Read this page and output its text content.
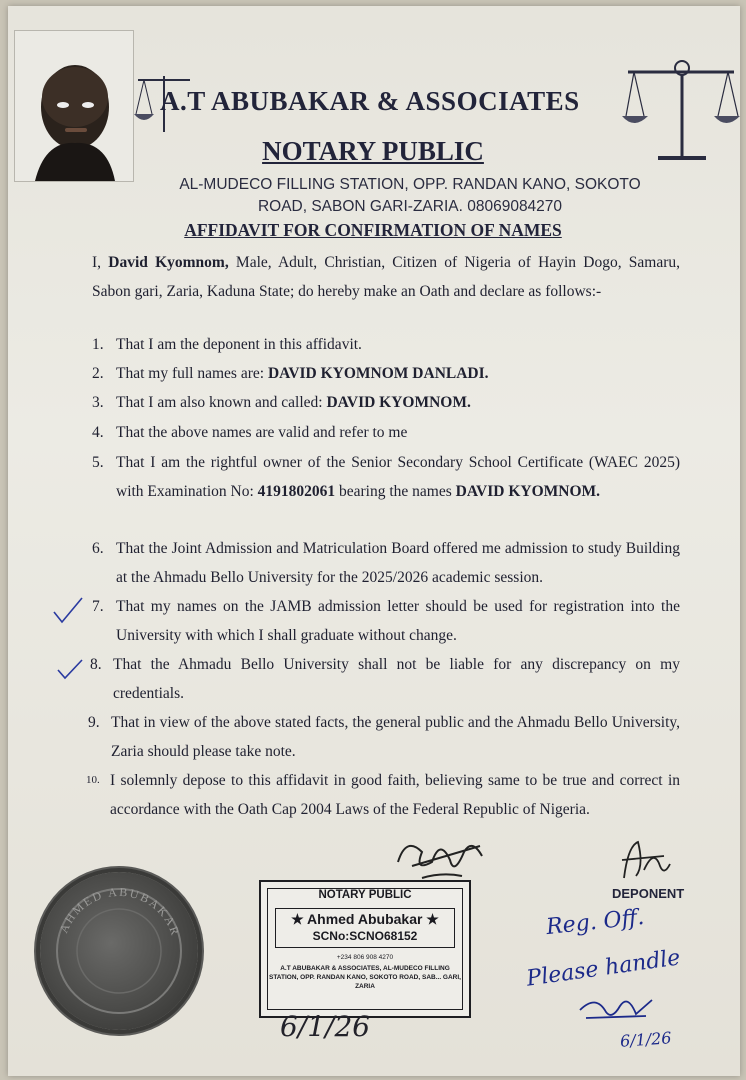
A.T ABUBAKAR & ASSOCIATES
NOTARY PUBLIC
AL-MUDECO FILLING STATION, OPP. RANDAN KANO, SOKOTO
ROAD, SABON GARI-ZARIA. 08069084270
AFFIDAVIT FOR CONFIRMATION OF NAMES
I, David Kyomnom, Male, Adult, Christian, Citizen of Nigeria of Hayin Dogo, Samaru, Sabon gari, Zaria, Kaduna State; do hereby make an Oath and declare as follows:-
1. That I am the deponent in this affidavit.
2. That my full names are: DAVID KYOMNOM DANLADI.
3. That I am also known and called: DAVID KYOMNOM.
4. That the above names are valid and refer to me
5. That I am the rightful owner of the Senior Secondary School Certificate (WAEC 2025) with Examination No: 4191802061 bearing the names DAVID KYOMNOM.
6. That the Joint Admission and Matriculation Board offered me admission to study Building at the Ahmadu Bello University for the 2025/2026 academic session.
7. That my names on the JAMB admission letter should be used for registration into the University with which I shall graduate without change.
8. That the Ahmadu Bello University shall not be liable for any discrepancy on my credentials.
9. That in view of the above stated facts, the general public and the Ahmadu Bello University, Zaria should please take note.
10. I solemnly depose to this affidavit in good faith, believing same to be true and correct in accordance with the Oath Cap 2004 Laws of the Federal Republic of Nigeria.
DEPONENT
AHMED ABUBAKAR
NOTARY PUBLIC
★ Ahmed Abubakar ★
SCNo:SCNO68152
+234 806 908 4270
A.T ABUBAKAR & ASSOCIATES, AL-MUDECO FILLING STATION, OPP. RANDAN KANO, SOKOTO ROAD, SAB... GARI, ZARIA
6/1/26
Reg. Off.
Please handle
6/1/26
